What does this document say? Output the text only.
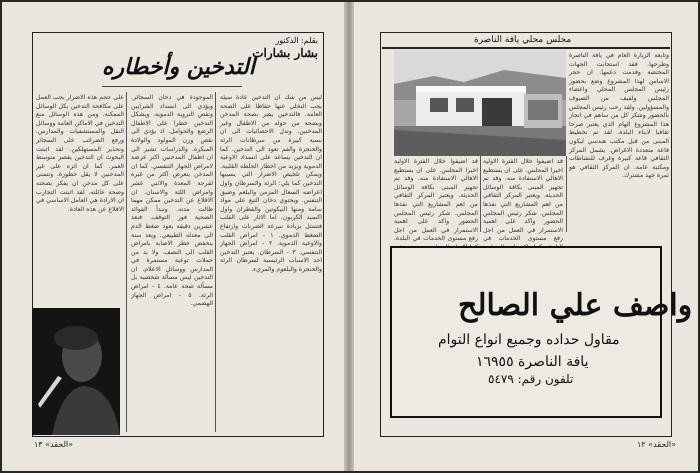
بقلم: الدكتور
بشار بشارات
التدخين وأخطاره

ليس من شك ان التدخين عادة سيئة يجب التخلي عنها حفاظا على الصحة العامة. فالتدخين يضر بصحة المدخن وبصحة من حوله من الاطفال وغير المدخنين. وتدل الاحصائيات الى ان نسبة كبيرة من سرطانات الرئة والحنجرة والفم تعود الى التدخين. كما ان التدخين يساعد على انسداد الاوعية الدموية ويزيد من اخطار الجلطة القلبية. ويمكن تلخيص الاضرار التي يسببها التدخين كما يلي: الرئة والسرطان واول اعراضه السعال المزمن والبلغم وضيق التنفس. ويحتوي دخان التبغ على مواد سامة ومنها النيكوتين والقطران واول اكسيد الكربون. اما الاثار على القلب فتتمثل بزيادة سرعة الضربات وارتفاع الضغط الدموي. ١ - امراض القلب والاوعية الدموية. ٢ - امراض الجهاز التنفسي. ٣ - السرطان. يعتبر التدخين احد الاسباب الرئيسية لسرطان الرئة والحنجرة والبلعوم والمريء.

الموجودة في دخان السجائر. ويؤدي الى انسداد الشرايين ونقص التروية الدموية. ويشكل التدخين خطرا على الاطفال الرضع والحوامل. اذ يؤدي الى نقص وزن المولود والولادة المبكرة. والدراسات تشير الى ان اطفال المدخنين اكثر عرضة لامراض الجهاز التنفسي. كما ان المدخن يتعرض اكثر من غيره لقرحة المعدة والاثني عشر وامراض اللثة والاسنان. ان الاقلاع عن التدخين ممكن مهما طالت مدته. وتبدأ الفوائد الصحية فور التوقف. فبعد عشرين دقيقة يعود ضغط الدم الى معدله الطبيعي. وبعد سنة ينخفض خطر الاصابة بامراض القلب الى النصف. ولا بد من حملات توعية مستمرة في المدارس ووسائل الاعلام. ان التدخين ليس مسألة شخصية بل مسألة صحة عامة. ٤ - امراض الرئة. ٥ - امراض الجهاز الهضمي.

على حجم هذه الاضرار يجب العمل على مكافحة التدخين بكل الوسائل الممكنة. ومن هذه الوسائل منع التدخين في الاماكن العامة ووسائل النقل والمستشفيات والمدارس. ورفع الضرائب على السجائر وتحذير المستهلكين. لقد اثبتت البحوث ان التدخين يقصر متوسط العمر. كما ان اثره على غير المدخنين لا يقل خطورة. ونتمنى على كل مدخن ان يفكر بصحته وصحة عائلته. لقد اثبتت التجارب ان الارادة هي العامل الاساسي في الاقلاع عن هذه العادة.

«الحقد» ١٣
مجلس محلي يافة الناصرة

وتابعة الزيارة العام في يافة الناصرة وطرحها. فقد استجابت الجهات المختصة وقدمت دعمها. ان حجر الاساس لهذا المشروع وضع بحضور رئيس المجلس المحلي واعضاء المجلس ولفيف من الضيوف والمسؤولين. ولقد رحب رئيس المجلس بالحضور وشكر كل من ساهم في انجاز هذا المشروع الهام الذي يعتبر صرحا ثقافيا لابناء البلدة. لقد تم تخطيط المبنى من قبل مكتب هندسي ليكون قاعة متعددة الاغراض. يشمل المركز الثقافي قاعة كبيرة وغرف للنشاطات ومكتبة عامة. ان المركز الثقافي هو ثمرة جهد مشترك.

قد اضيفوا خلال الفترة الاولية اخيرا المجلس. على ان يستطيع الاهالي الاستفادة منه. وقد تم تجهيز المبنى بكافة الوسائل الحديثة. ويعتبر المركز الثقافي من اهم المشاريع التي نفذها المجلس. شكر رئيس المجلس الحضور واكد على اهمية الاستمرار في العمل من اجل رفع مستوى الخدمات في

قد اضيفوا خلال الفترة الاولية اخيرا المجلس. على ان يستطيع الاهالي الاستفادة منه. وقد تم تجهيز المبنى بكافة الوسائل الحديثة. ويعتبر المركز الثقافي من اهم المشاريع التي نفذها المجلس. شكر رئيس المجلس الحضور واكد على اهمية الاستمرار في العمل من اجل رفع مستوى الخدمات في البلدة.

واصف علي الصالح
مقاول حداده وجميع انواع التوام
يافة الناصرة ١٦٩٥٥
تلفون رقم: ٥٤٧٩
«الحقد» ١٢
